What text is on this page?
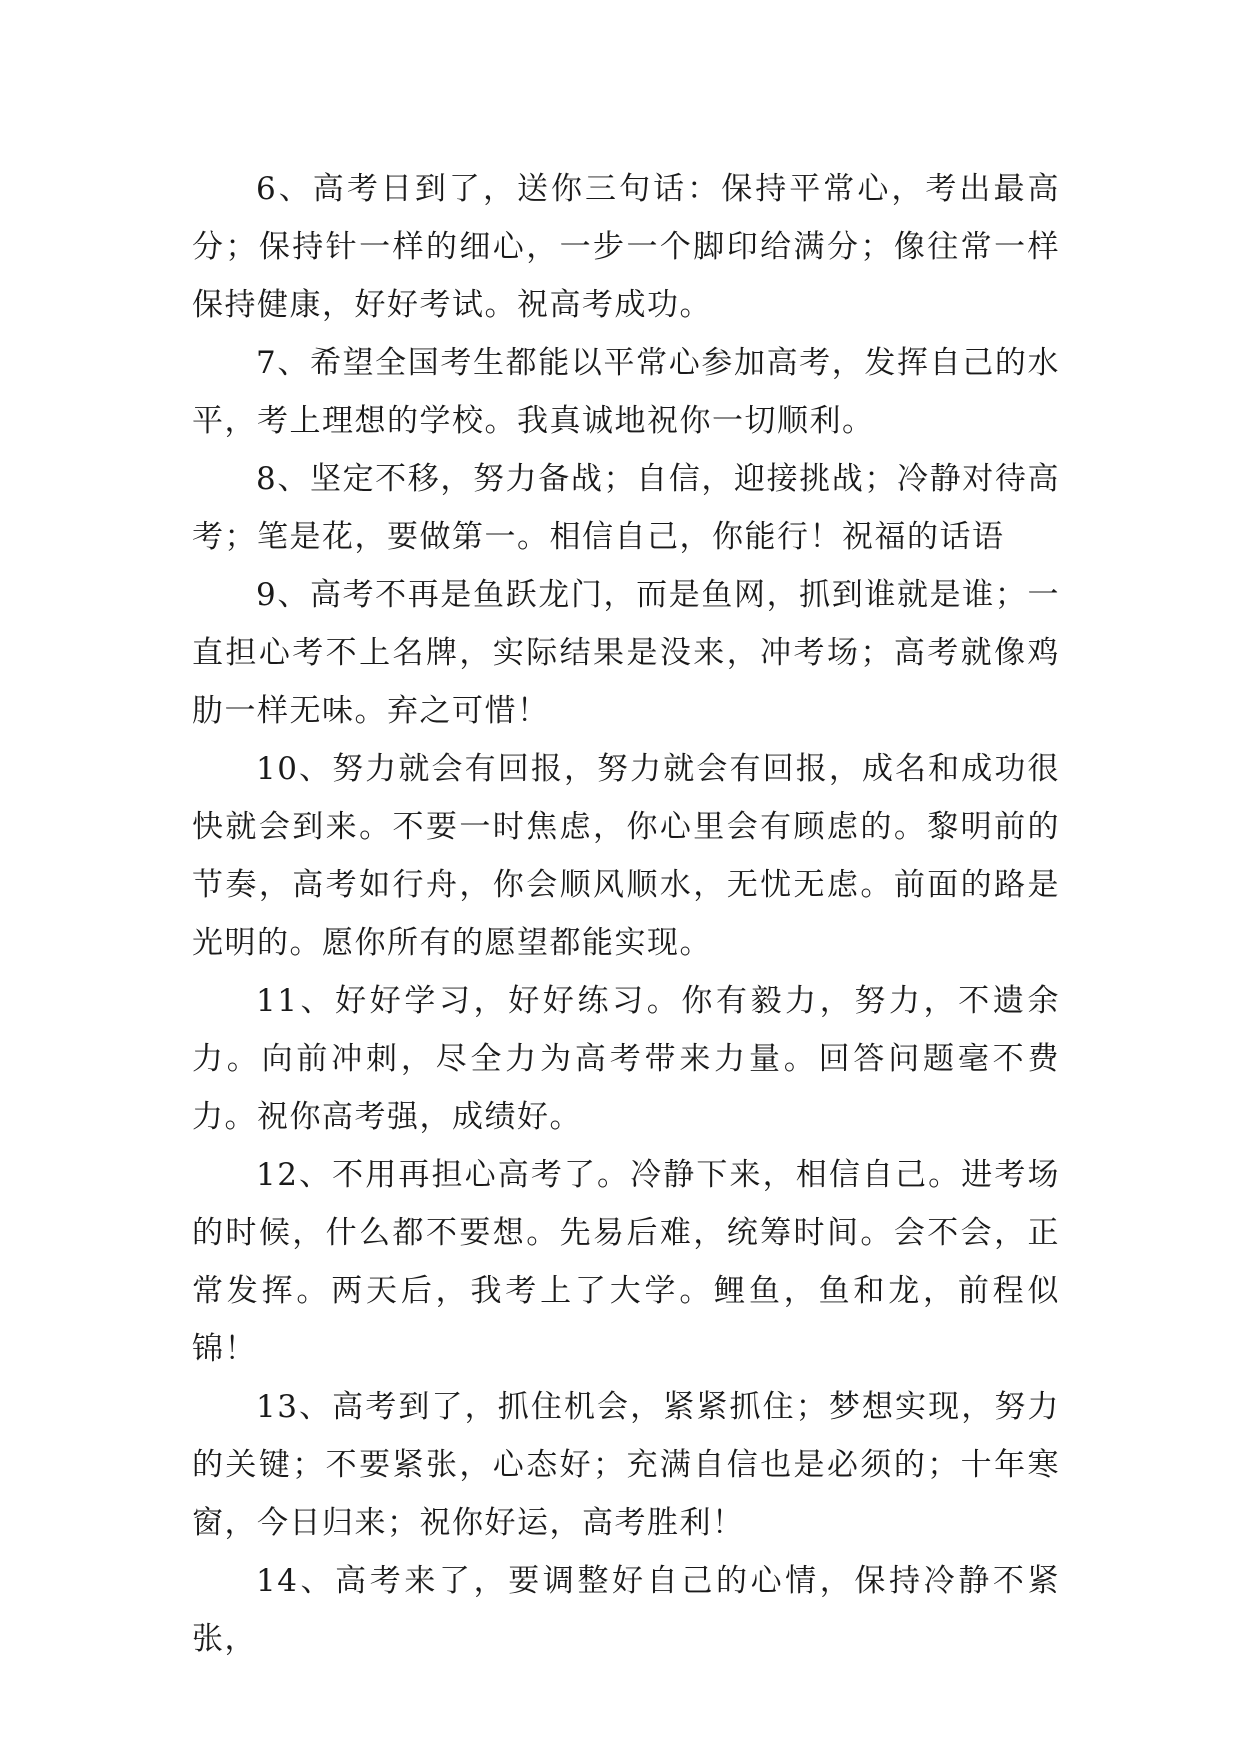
6、高考日到了，送你三句话：保持平常心，考出最高分；保持针一样的细心，一步一个脚印给满分；像往常一样保持健康，好好考试。祝高考成功。

7、希望全国考生都能以平常心参加高考，发挥自己的水平，考上理想的学校。我真诚地祝你一切顺利。

8、坚定不移，努力备战；自信，迎接挑战；冷静对待高考；笔是花，要做第一。相信自己，你能行！祝福的话语

9、高考不再是鱼跃龙门，而是鱼网，抓到谁就是谁；一直担心考不上名牌，实际结果是没来，冲考场；高考就像鸡肋一样无味。弃之可惜！

10、努力就会有回报，努力就会有回报，成名和成功很快就会到来。不要一时焦虑，你心里会有顾虑的。黎明前的节奏，高考如行舟，你会顺风顺水，无忧无虑。前面的路是光明的。愿你所有的愿望都能实现。

11、好好学习，好好练习。你有毅力，努力，不遗余力。向前冲刺，尽全力为高考带来力量。回答问题毫不费力。祝你高考强，成绩好。

12、不用再担心高考了。冷静下来，相信自己。进考场的时候，什么都不要想。先易后难，统筹时间。会不会，正常发挥。两天后，我考上了大学。鲤鱼，鱼和龙，前程似锦！

13、高考到了，抓住机会，紧紧抓住；梦想实现，努力的关键；不要紧张，心态好；充满自信也是必须的；十年寒窗，今日归来；祝你好运，高考胜利！

14、高考来了，要调整好自己的心情，保持冷静不紧张，
